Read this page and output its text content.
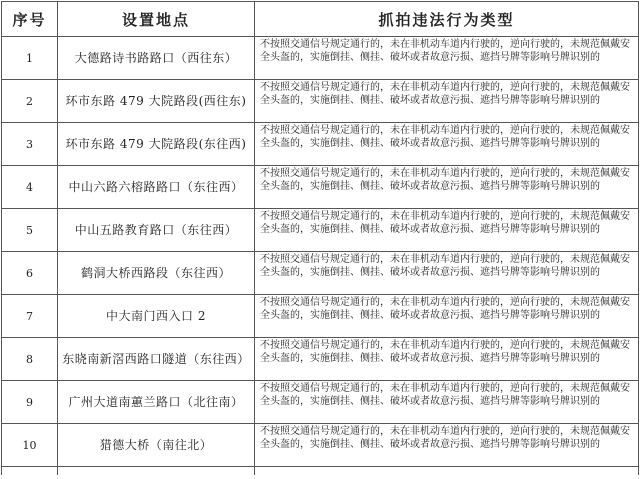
序号	设置地点	抓拍违法行为类型
1	大德路诗书路路口（西往东）	不按照交通信号规定通行的，未在非机动车道内行驶的，逆向行驶的，未规范佩戴安全头盔的，实施倒挂、侧挂、破坏或者故意污损、遮挡号牌等影响号牌识别的
2	环市东路 479 大院路段(西往东)	不按照交通信号规定通行的，未在非机动车道内行驶的，逆向行驶的，未规范佩戴安全头盔的，实施倒挂、侧挂、破坏或者故意污损、遮挡号牌等影响号牌识别的
3	环市东路 479 大院路段(东往西)	不按照交通信号规定通行的，未在非机动车道内行驶的，逆向行驶的，未规范佩戴安全头盔的，实施倒挂、侧挂、破坏或者故意污损、遮挡号牌等影响号牌识别的
4	中山六路六榕路路口（东往西）	不按照交通信号规定通行的，未在非机动车道内行驶的，逆向行驶的，未规范佩戴安全头盔的，实施倒挂、侧挂、破坏或者故意污损、遮挡号牌等影响号牌识别的
5	中山五路教育路口（东往西）	不按照交通信号规定通行的，未在非机动车道内行驶的，逆向行驶的，未规范佩戴安全头盔的，实施倒挂、侧挂、破坏或者故意污损、遮挡号牌等影响号牌识别的
6	鹤洞大桥西路段（东往西）	不按照交通信号规定通行的，未在非机动车道内行驶的，逆向行驶的，未规范佩戴安全头盔的，实施倒挂、侧挂、破坏或者故意污损、遮挡号牌等影响号牌识别的
7	中大南门西入口 2	不按照交通信号规定通行的，未在非机动车道内行驶的，逆向行驶的，未规范佩戴安全头盔的，实施倒挂、侧挂、破坏或者故意污损、遮挡号牌等影响号牌识别的
8	东晓南新滘西路口隧道（东往西）	不按照交通信号规定通行的，未在非机动车道内行驶的，逆向行驶的，未规范佩戴安全头盔的，实施倒挂、侧挂、破坏或者故意污损、遮挡号牌等影响号牌识别的
9	广州大道南蕙兰路口（北往南）	不按照交通信号规定通行的，未在非机动车道内行驶的，逆向行驶的，未规范佩戴安全头盔的，实施倒挂、侧挂、破坏或者故意污损、遮挡号牌等影响号牌识别的
10	猎德大桥（南往北）	不按照交通信号规定通行的，未在非机动车道内行驶的，逆向行驶的，未规范佩戴安全头盔的，实施倒挂、侧挂、破坏或者故意污损、遮挡号牌等影响号牌识别的
